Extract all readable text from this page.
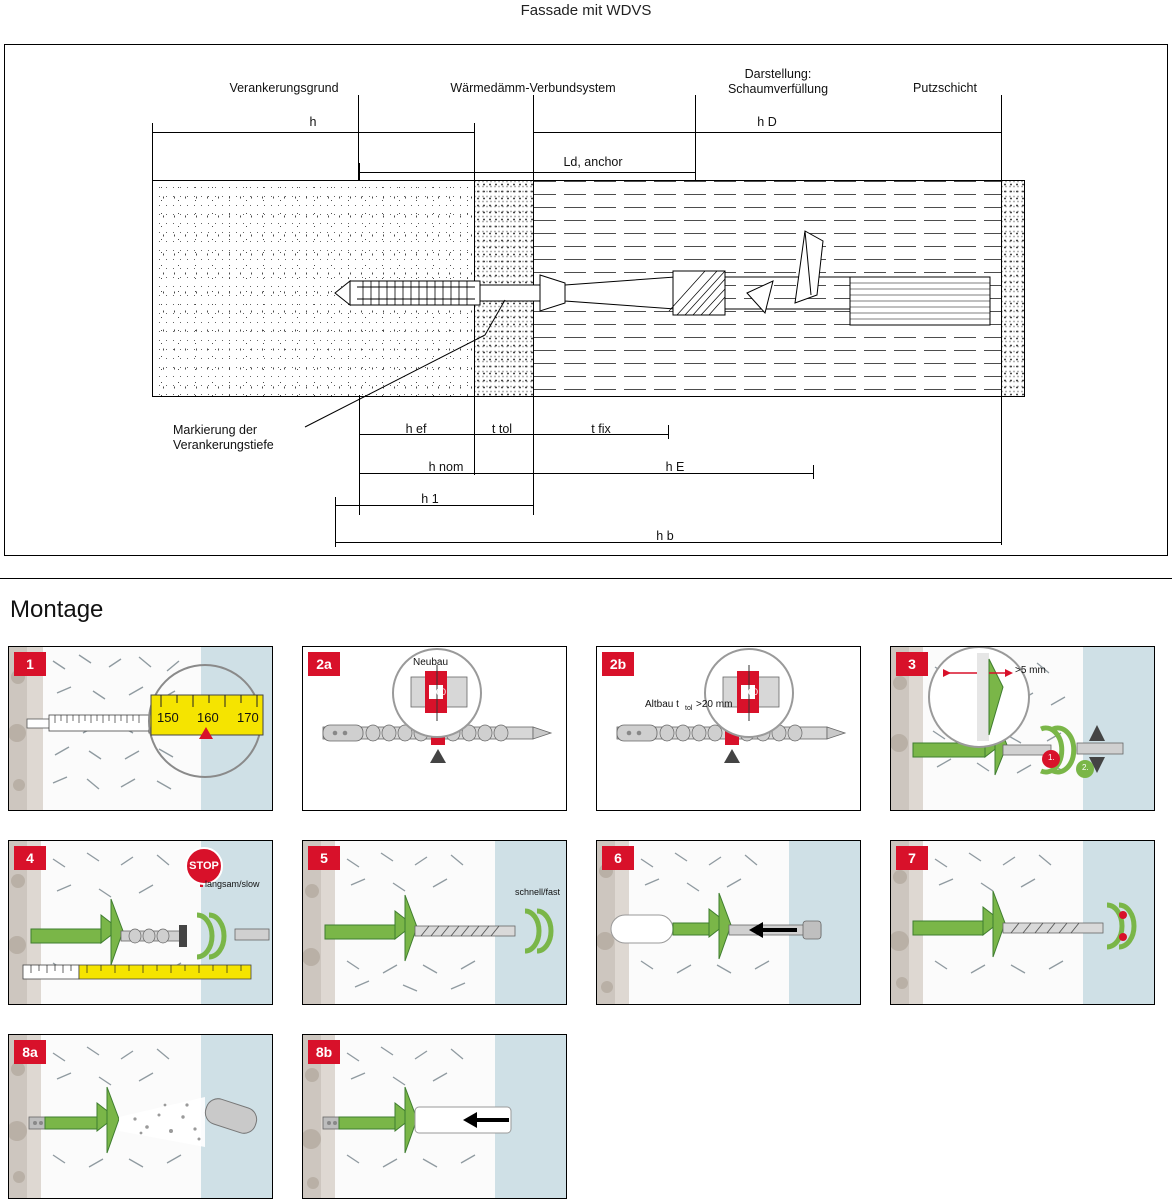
Fassade mit WDVS
Verankerungsgrund	Wärmedämm-Verbundsystem
Darstellung:
Schaumverfüllung	Putzschicht
h	h D
Ld, anchor
Markierung der
Verankerungstiefe
h ef	t tol	t fix
h nom	h E
h 1
h b
Montage
1
150 160 170
2a	Neubau
160
2b
Altbau t tol >20 mm
160
3	>5 mm
1.
2.
4	STOP
langsam/slow
5
schnell/fast
6	7
8a	8b
